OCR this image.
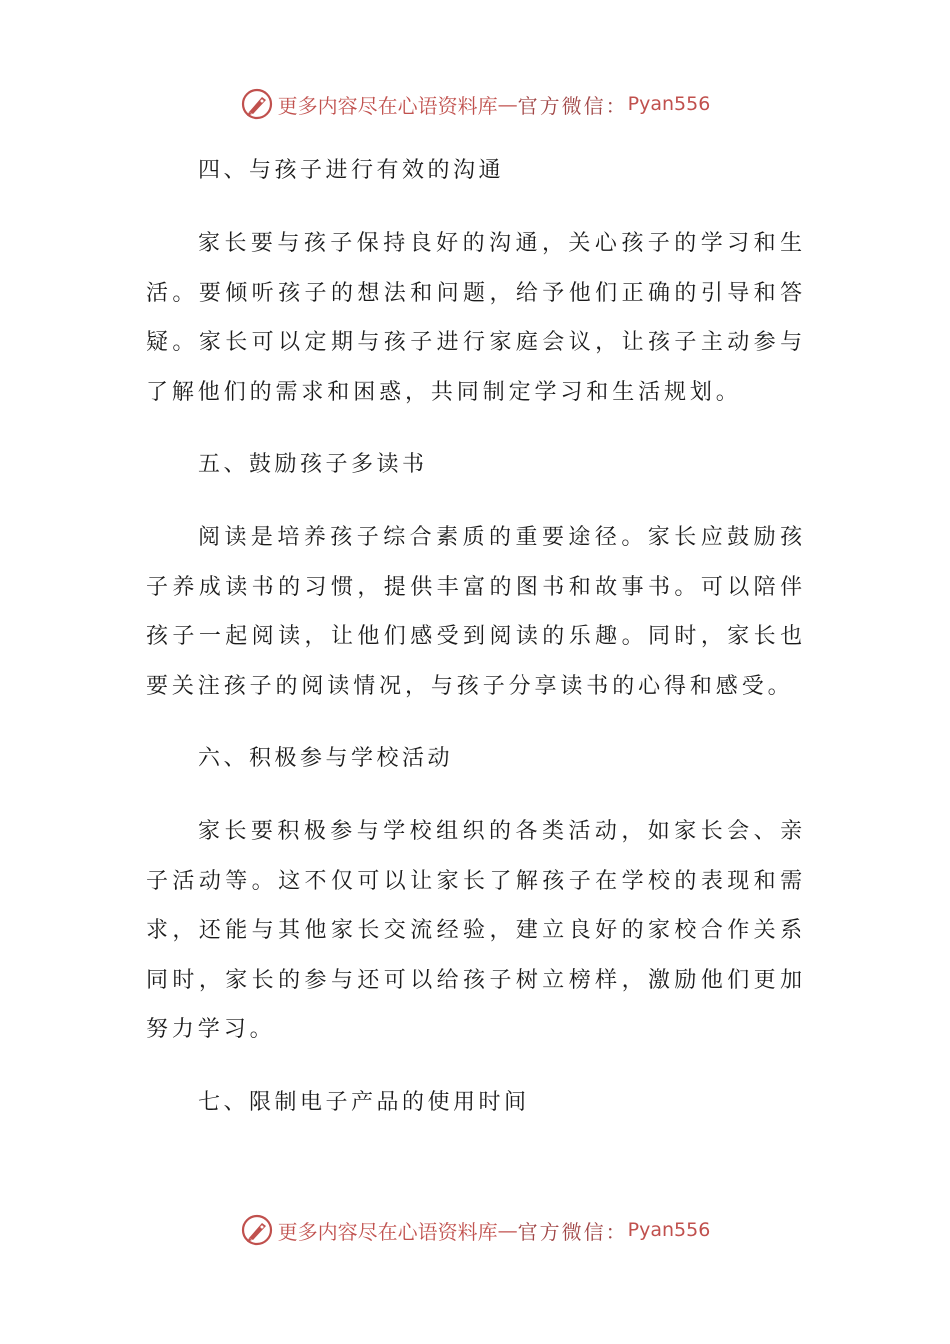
更多内容尽在心语资料库 — 官方微信： Pyan556
四、与孩子进行有效的沟通

家长要与孩子保持良好的沟通，关心孩子的学习和生活。要倾听孩子的想法和问题，给予他们正确的引导和答疑。家长可以定期与孩子进行家庭会议，让孩子主动参与了解他们的需求和困惑，共同制定学习和生活规划。

五、鼓励孩子多读书

阅读是培养孩子综合素质的重要途径。家长应鼓励孩子养成读书的习惯，提供丰富的图书和故事书。可以陪伴孩子一起阅读，让他们感受到阅读的乐趣。同时，家长也要关注孩子的阅读情况，与孩子分享读书的心得和感受。

六、积极参与学校活动

家长要积极参与学校组织的各类活动，如家长会、亲子活动等。这不仅可以让家长了解孩子在学校的表现和需求，还能与其他家长交流经验，建立良好的家校合作关系同时，家长的参与还可以给孩子树立榜样，激励他们更加努力学习。

七、限制电子产品的使用时间
更多内容尽在心语资料库 — 官方微信： Pyan556
